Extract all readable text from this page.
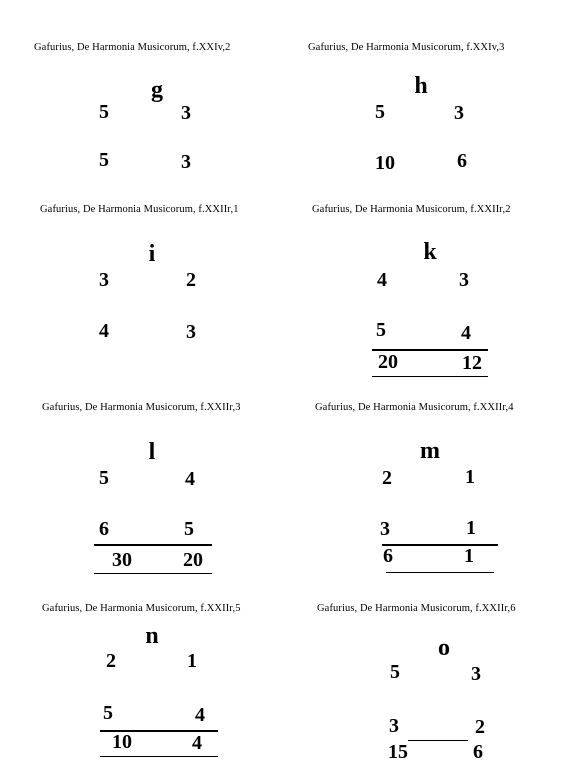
Gafurius, De Harmonia Musicorum, f.XXIv,2
g
5	3
5	3
Gafurius, De Harmonia Musicorum, f.XXIv,3
h
5	3
10	6
Gafurius, De Harmonia Musicorum, f.XXIIr,1
i
3	2
4	3
Gafurius, De Harmonia Musicorum, f.XXIIr,2
k
4	3
5	4
20	12
Gafurius, De Harmonia Musicorum, f.XXIIr,3
l
5	4
6	5
30	20
Gafurius, De Harmonia Musicorum, f.XXIIr,4
m
2	1
3	1
6	1
Gafurius, De Harmonia Musicorum, f.XXIIr,5
n
2	1
5	4
10	4
Gafurius, De Harmonia Musicorum, f.XXIIr,6
o
5	3
3	2
15	6
